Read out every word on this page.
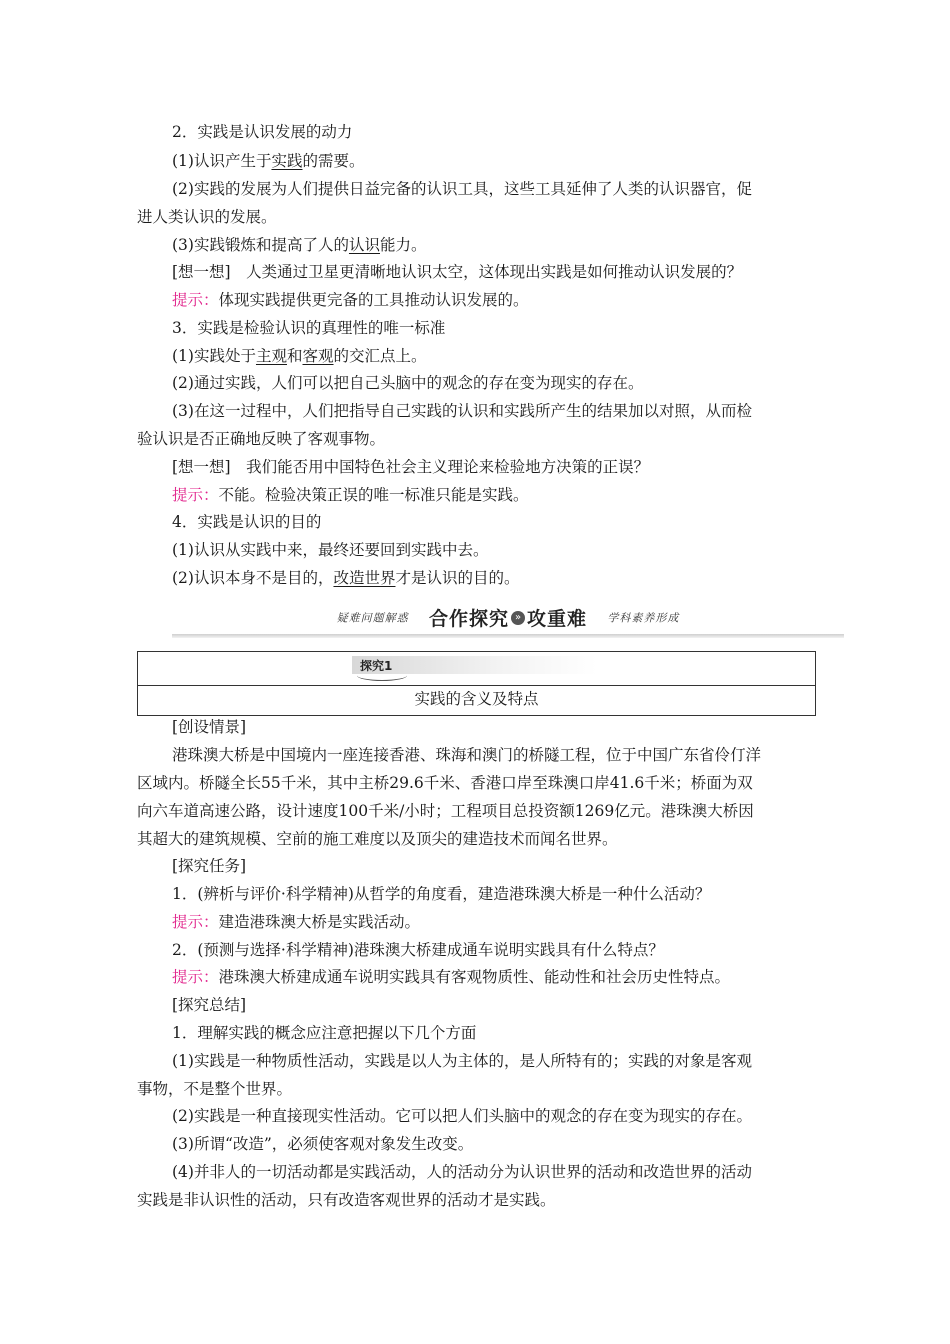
2．实践是认识发展的动力
(1)认识产生于实践的需要。
(2)实践的发展为人们提供日益完备的认识工具，这些工具延伸了人类的认识器官，促
进人类认识的发展。
(3)实践锻炼和提高了人的认识能力。
[想一想]　人类通过卫星更清晰地认识太空，这体现出实践是如何推动认识发展的？
提示：体现实践提供更完备的工具推动认识发展的。
3．实践是检验认识的真理性的唯一标准
(1)实践处于主观和客观的交汇点上。
(2)通过实践，人们可以把自己头脑中的观念的存在变为现实的存在。
(3)在这一过程中，人们把指导自己实践的认识和实践所产生的结果加以对照，从而检
验认识是否正确地反映了客观事物。
[想一想]　我们能否用中国特色社会主义理论来检验地方决策的正误？
提示：不能。检验决策正误的唯一标准只能是实践。
4．实践是认识的目的
(1)认识从实践中来，最终还要回到实践中去。
(2)认识本身不是目的，改造世界才是认识的目的。
疑难问题解惑 合作探究 » 攻重难 学科素养形成
探究1
实践的含义及特点
[创设情景]
港珠澳大桥是中国境内一座连接香港、珠海和澳门的桥隧工程，位于中国广东省伶仃洋
区域内。桥隧全长55千米，其中主桥29.6千米、香港口岸至珠澳口岸41.6千米；桥面为双
向六车道高速公路，设计速度100千米/小时；工程项目总投资额1269亿元。港珠澳大桥因
其超大的建筑规模、空前的施工难度以及顶尖的建造技术而闻名世界。
[探究任务]
1．(辨析与评价·科学精神)从哲学的角度看，建造港珠澳大桥是一种什么活动？
提示：建造港珠澳大桥是实践活动。
2．(预测与选择·科学精神)港珠澳大桥建成通车说明实践具有什么特点？
提示：港珠澳大桥建成通车说明实践具有客观物质性、能动性和社会历史性特点。
[探究总结]
1．理解实践的概念应注意把握以下几个方面
(1)实践是一种物质性活动，实践是以人为主体的，是人所特有的；实践的对象是客观
事物，不是整个世界。
(2)实践是一种直接现实性活动。它可以把人们头脑中的观念的存在变为现实的存在。
(3)所谓“改造”，必须使客观对象发生改变。
(4)并非人的一切活动都是实践活动，人的活动分为认识世界的活动和改造世界的活动
实践是非认识性的活动，只有改造客观世界的活动才是实践。
